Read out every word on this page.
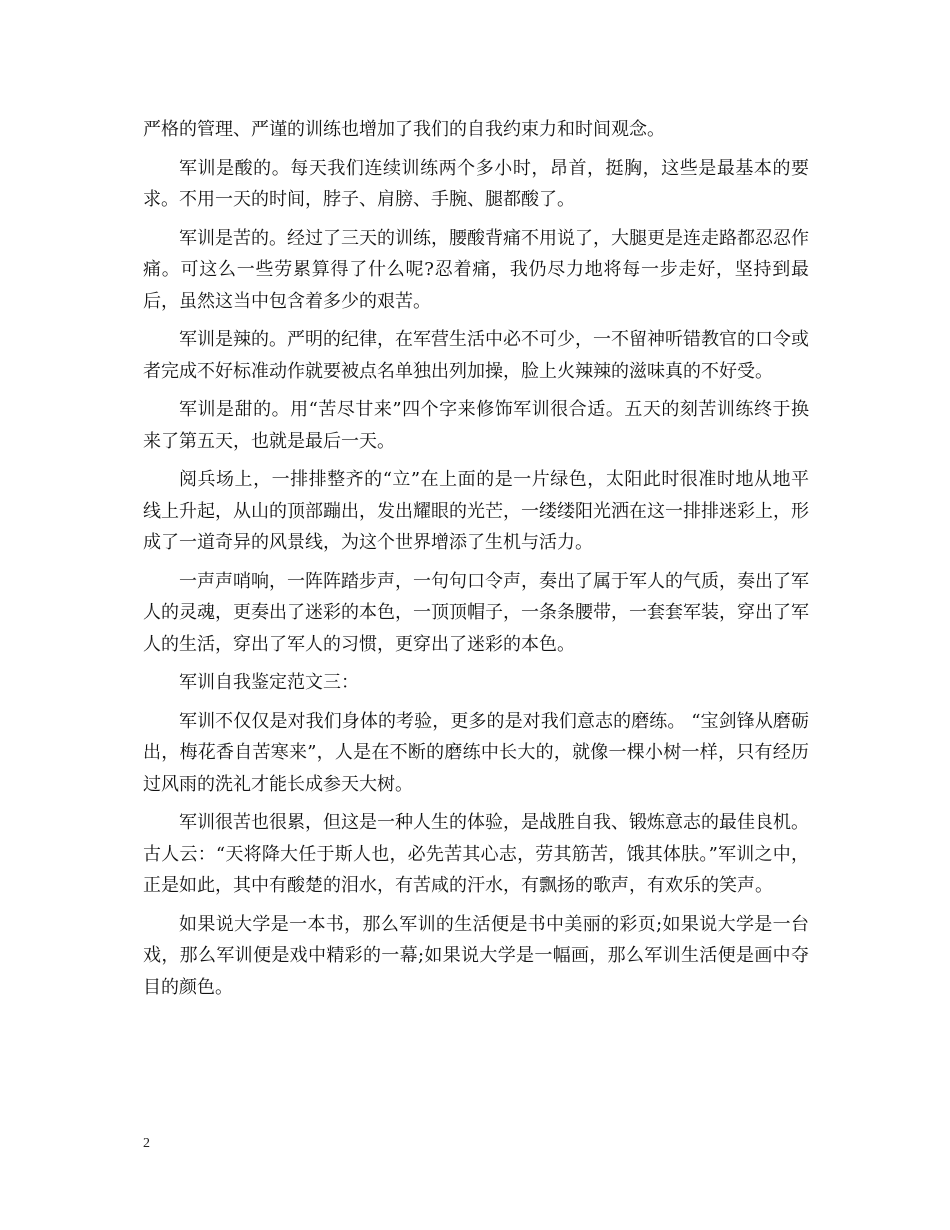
严格的管理、严谨的训练也增加了我们的自我约束力和时间观念。

军训是酸的。每天我们连续训练两个多小时，昂首，挺胸，这些是最基本的要求。不用一天的时间，脖子、肩膀、手腕、腿都酸了。

军训是苦的。经过了三天的训练，腰酸背痛不用说了，大腿更是连走路都忍忍作痛。可这么一些劳累算得了什么呢?忍着痛，我仍尽力地将每一步走好，坚持到最后，虽然这当中包含着多少的艰苦。

军训是辣的。严明的纪律，在军营生活中必不可少，一不留神听错教官的口令或者完成不好标准动作就要被点名单独出列加操，脸上火辣辣的滋味真的不好受。

军训是甜的。用“苦尽甘来”四个字来修饰军训很合适。五天的刻苦训练终于换来了第五天，也就是最后一天。

阅兵场上，一排排整齐的“立”在上面的是一片绿色，太阳此时很准时地从地平线上升起，从山的顶部蹦出，发出耀眼的光芒，一缕缕阳光洒在这一排排迷彩上，形成了一道奇异的风景线，为这个世界增添了生机与活力。

一声声哨响，一阵阵踏步声，一句句口令声，奏出了属于军人的气质，奏出了军人的灵魂，更奏出了迷彩的本色，一顶顶帽子，一条条腰带，一套套军装，穿出了军人的生活，穿出了军人的习惯，更穿出了迷彩的本色。

军训自我鉴定范文三：

军训不仅仅是对我们身体的考验，更多的是对我们意志的磨练。 “宝剑锋从磨砺出，梅花香自苦寒来”，人是在不断的磨练中长大的，就像一棵小树一样，只有经历过风雨的洗礼才能长成参天大树。

军训很苦也很累，但这是一种人生的体验，是战胜自我、锻炼意志的最佳良机。古人云：“天将降大任于斯人也，必先苦其心志，劳其筋苦，饿其体肤。”军训之中，正是如此，其中有酸楚的泪水，有苦咸的汗水，有飘扬的歌声，有欢乐的笑声。

如果说大学是一本书，那么军训的生活便是书中美丽的彩页;如果说大学是一台戏，那么军训便是戏中精彩的一幕;如果说大学是一幅画，那么军训生活便是画中夺目的颜色。

2
